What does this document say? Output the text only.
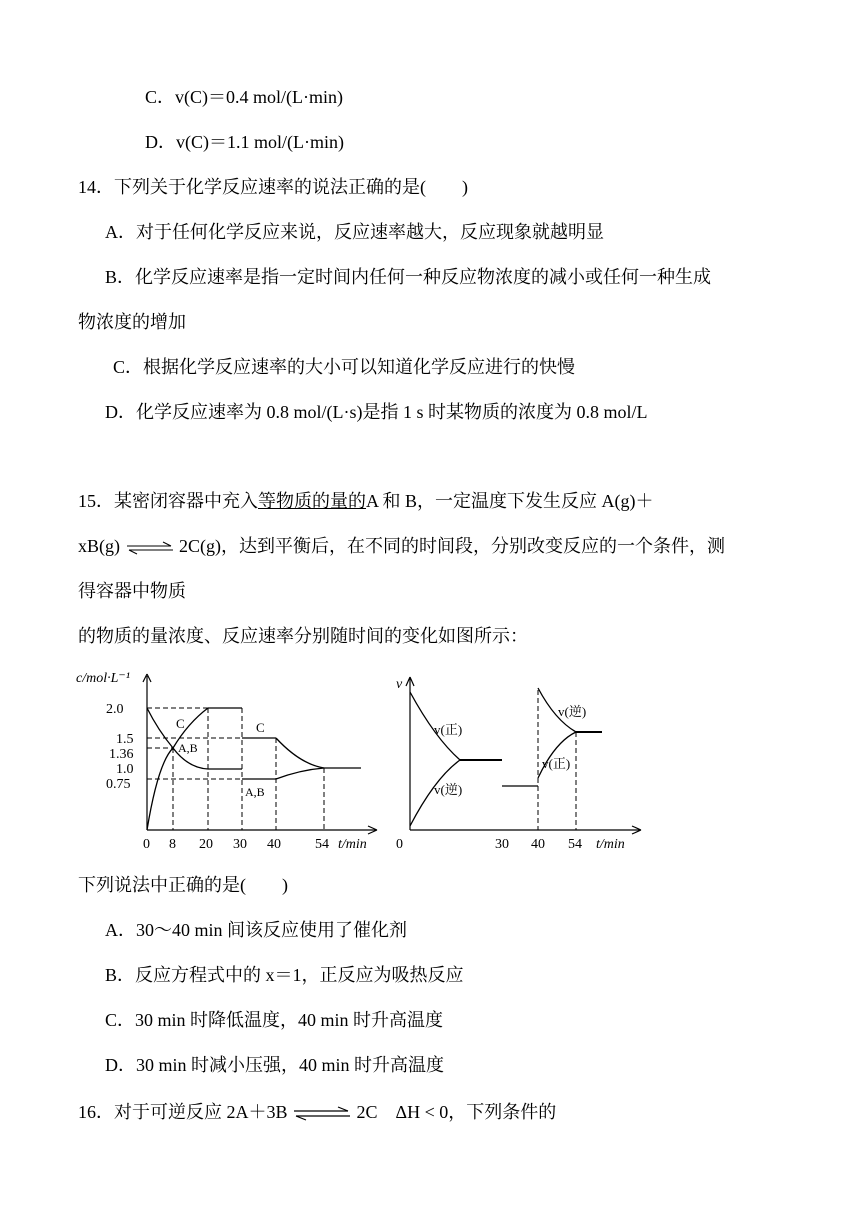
C．v(C)＝0.4 mol/(L·min)
D．v(C)＝1.1 mol/(L·min)
14．下列关于化学反应速率的说法正确的是(　　)
A．对于任何化学反应来说，反应速率越大，反应现象就越明显
B．化学反应速率是指一定时间内任何一种反应物浓度的减小或任何一种生成
物浓度的增加
C．根据化学反应速率的大小可以知道化学反应进行的快慢
D．化学反应速率为 0.8 mol/(L·s)是指 1 s 时某物质的浓度为 0.8 mol/L
15．某密闭容器中充入等物质的量的A 和 B，一定温度下发生反应 A(g)＋
xB(g) ⇌ 2C(g)，达到平衡后，在不同的时间段，分别改变反应的一个条件，测
得容器中物质
的物质的量浓度、反应速率分别随时间的变化如图所示：
c/mol·L⁻¹
2.0
1.5
1.36
1.0
0.75
0 8 20 30 40 54 t/min
C
A,B
C
A,B
v
0	30 40 54 t/min
v(正)
v(逆)
v(逆)
v(正)
下列说法中正确的是(　　)
A．30～40 min 间该反应使用了催化剂
B．反应方程式中的 x＝1，正反应为吸热反应
C．30 min 时降低温度，40 min 时升高温度
D．30 min 时减小压强，40 min 时升高温度
16．对于可逆反应 2A＋3B ⇌ 2C　ΔH < 0，下列条件的
